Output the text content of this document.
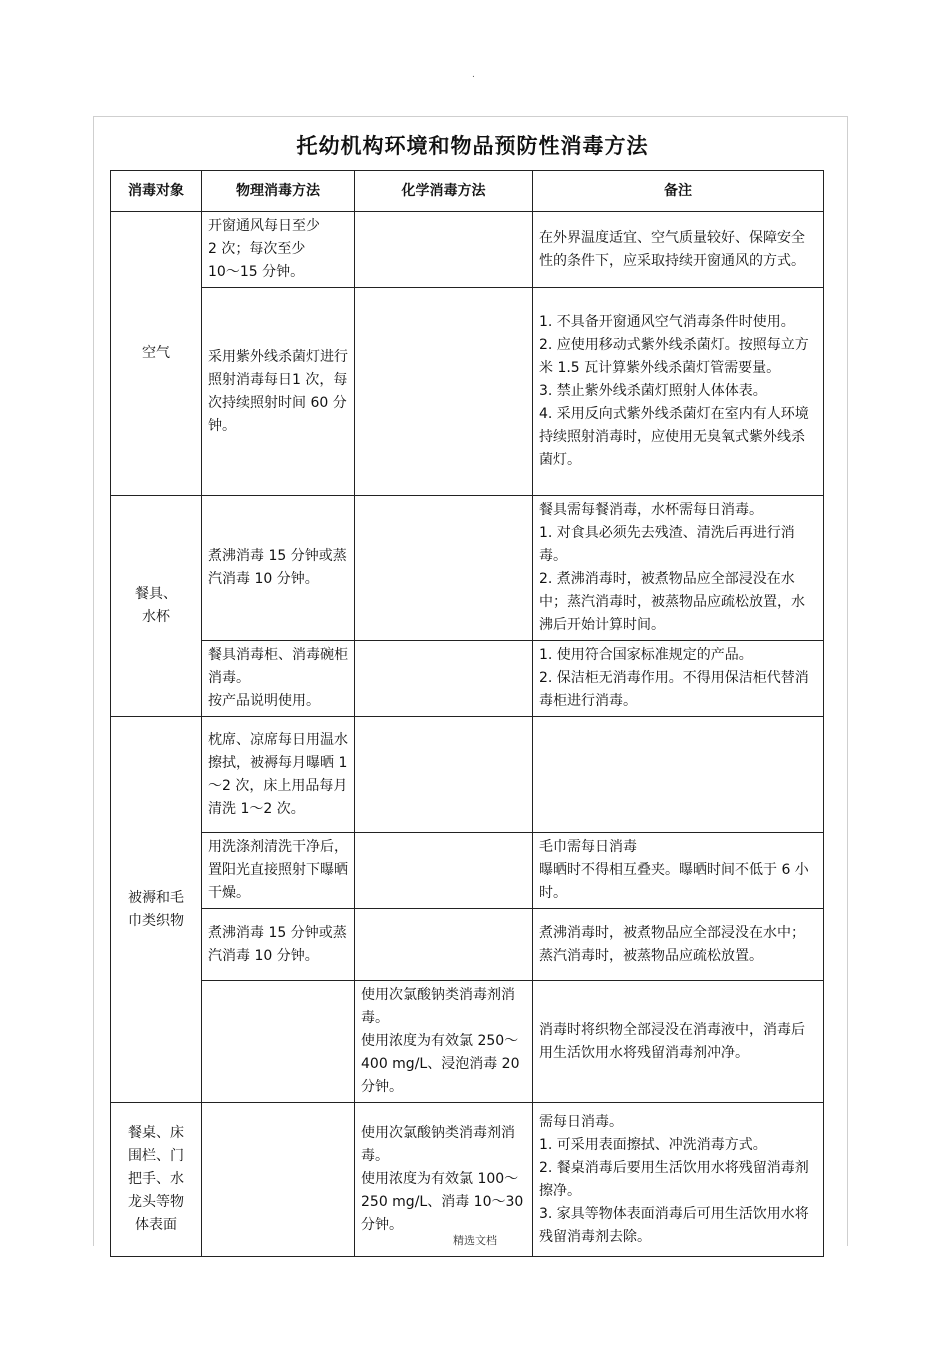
.
托幼机构环境和物品预防性消毒方法
消毒对象	物理消毒方法	化学消毒方法	备注
空气	开窗通风每日至少
2 次；每次至少
10～15 分钟。		在外界温度适宜、空气质量较好、保障安全性的条件下，应采取持续开窗通风的方式。
	采用紫外线杀菌灯进行照射消毒每日1 次，每次持续照射时间 60 分钟。		1. 不具备开窗通风空气消毒条件时使用。
2. 应使用移动式紫外线杀菌灯。按照每立方米 1.5 瓦计算紫外线杀菌灯管需要量。
3. 禁止紫外线杀菌灯照射人体体表。
4. 采用反向式紫外线杀菌灯在室内有人环境持续照射消毒时，应使用无臭氧式紫外线杀菌灯。
餐具、
水杯	煮沸消毒 15 分钟或蒸汽消毒 10 分钟。		餐具需每餐消毒，水杯需每日消毒。
1. 对食具必须先去残渣、清洗后再进行消毒。
2. 煮沸消毒时，被煮物品应全部浸没在水中；蒸汽消毒时，被蒸物品应疏松放置，水沸后开始计算时间。
	餐具消毒柜、消毒碗柜消毒。
按产品说明使用。		1. 使用符合国家标准规定的产品。
2. 保洁柜无消毒作用。不得用保洁柜代替消毒柜进行消毒。
被褥和毛
巾类织物	枕席、凉席每日用温水擦拭，被褥每月曝晒 1～2 次，床上用品每月清洗 1～2 次。		
	用洗涤剂清洗干净后，置阳光直接照射下曝晒干燥。		毛巾需每日消毒
曝晒时不得相互叠夹。曝晒时间不低于 6 小时。
	煮沸消毒 15 分钟或蒸汽消毒 10 分钟。		煮沸消毒时，被煮物品应全部浸没在水中；蒸汽消毒时，被蒸物品应疏松放置。
		使用次氯酸钠类消毒剂消毒。
使用浓度为有效氯 250～400 mg/L、浸泡消毒 20 分钟。	消毒时将织物全部浸没在消毒液中，消毒后用生活饮用水将残留消毒剂冲净。
餐桌、床
围栏、门
把手、水
龙头等物
体表面		使用次氯酸钠类消毒剂消毒。
使用浓度为有效氯 100～250 mg/L、消毒 10～30 分钟。	需每日消毒。
1. 可采用表面擦拭、冲洗消毒方式。
2. 餐桌消毒后要用生活饮用水将残留消毒剂擦净。
3. 家具等物体表面消毒后可用生活饮用水将残留消毒剂去除。
精选文档
